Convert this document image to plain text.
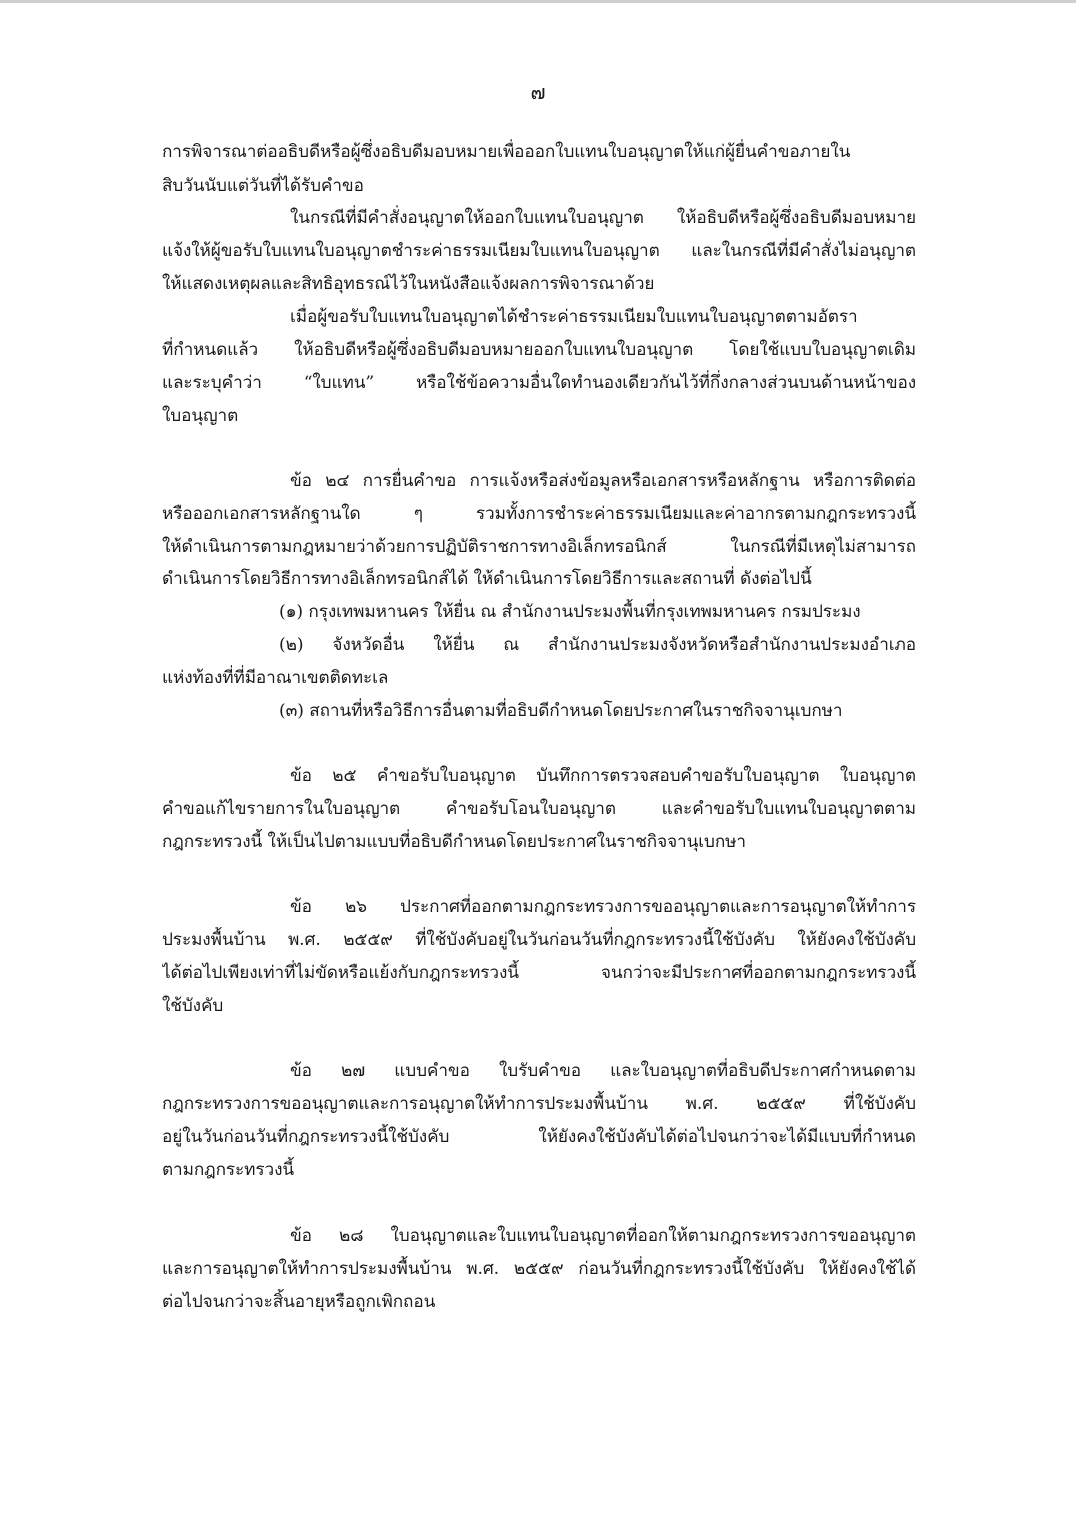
๗
การพิจารณาต่ออธิบดีหรือผู้ซึ่งอธิบดีมอบหมายเพื่อออกใบแทนใบอนุญาตให้แก่ผู้ยื่นคำขอภายใน
สิบวันนับแต่วันที่ได้รับคำขอ
ในกรณีที่มีคำสั่งอนุญาตให้ออกใบแทนใบอนุญาต ให้อธิบดีหรือผู้ซึ่งอธิบดีมอบหมาย
แจ้งให้ผู้ขอรับใบแทนใบอนุญาตชำระค่าธรรมเนียมใบแทนใบอนุญาต และในกรณีที่มีคำสั่งไม่อนุญาต
ให้แสดงเหตุผลและสิทธิอุทธรณ์ไว้ในหนังสือแจ้งผลการพิจารณาด้วย
เมื่อผู้ขอรับใบแทนใบอนุญาตได้ชำระค่าธรรมเนียมใบแทนใบอนุญาตตามอัตรา
ที่กำหนดแล้ว ให้อธิบดีหรือผู้ซึ่งอธิบดีมอบหมายออกใบแทนใบอนุญาต โดยใช้แบบใบอนุญาตเดิม
และระบุคำว่า “ใบแทน” หรือใช้ข้อความอื่นใดทำนองเดียวกันไว้ที่กึ่งกลางส่วนบนด้านหน้าของ
ใบอนุญาต
ข้อ ๒๔ การยื่นคำขอ การแจ้งหรือส่งข้อมูลหรือเอกสารหรือหลักฐาน หรือการติดต่อ
หรือออกเอกสารหลักฐานใด ๆ รวมทั้งการชำระค่าธรรมเนียมและค่าอากรตามกฎกระทรวงนี้
ให้ดำเนินการตามกฎหมายว่าด้วยการปฏิบัติราชการทางอิเล็กทรอนิกส์ ในกรณีที่มีเหตุไม่สามารถ
ดำเนินการโดยวิธีการทางอิเล็กทรอนิกส์ได้ ให้ดำเนินการโดยวิธีการและสถานที่ ดังต่อไปนี้
(๑) กรุงเทพมหานคร ให้ยื่น ณ สำนักงานประมงพื้นที่กรุงเทพมหานคร กรมประมง
(๒) จังหวัดอื่น ให้ยื่น ณ สำนักงานประมงจังหวัดหรือสำนักงานประมงอำเภอ
แห่งท้องที่ที่มีอาณาเขตติดทะเล
(๓) สถานที่หรือวิธีการอื่นตามที่อธิบดีกำหนดโดยประกาศในราชกิจจานุเบกษา
ข้อ ๒๕ คำขอรับใบอนุญาต บันทึกการตรวจสอบคำขอรับใบอนุญาต ใบอนุญาต
คำขอแก้ไขรายการในใบอนุญาต คำขอรับโอนใบอนุญาต และคำขอรับใบแทนใบอนุญาตตาม
กฎกระทรวงนี้ ให้เป็นไปตามแบบที่อธิบดีกำหนดโดยประกาศในราชกิจจานุเบกษา
ข้อ ๒๖ ประกาศที่ออกตามกฎกระทรวงการขออนุญาตและการอนุญาตให้ทำการ
ประมงพื้นบ้าน พ.ศ. ๒๕๕๙ ที่ใช้บังคับอยู่ในวันก่อนวันที่กฎกระทรวงนี้ใช้บังคับ ให้ยังคงใช้บังคับ
ได้ต่อไปเพียงเท่าที่ไม่ขัดหรือแย้งกับกฎกระทรวงนี้ จนกว่าจะมีประกาศที่ออกตามกฎกระทรวงนี้
ใช้บังคับ
ข้อ ๒๗ แบบคำขอ ใบรับคำขอ และใบอนุญาตที่อธิบดีประกาศกำหนดตาม
กฎกระทรวงการขออนุญาตและการอนุญาตให้ทำการประมงพื้นบ้าน พ.ศ. ๒๕๕๙ ที่ใช้บังคับ
อยู่ในวันก่อนวันที่กฎกระทรวงนี้ใช้บังคับ ให้ยังคงใช้บังคับได้ต่อไปจนกว่าจะได้มีแบบที่กำหนด
ตามกฎกระทรวงนี้
ข้อ ๒๘ ใบอนุญาตและใบแทนใบอนุญาตที่ออกให้ตามกฎกระทรวงการขออนุญาต
และการอนุญาตให้ทำการประมงพื้นบ้าน พ.ศ. ๒๕๕๙ ก่อนวันที่กฎกระทรวงนี้ใช้บังคับ ให้ยังคงใช้ได้
ต่อไปจนกว่าจะสิ้นอายุหรือถูกเพิกถอน
